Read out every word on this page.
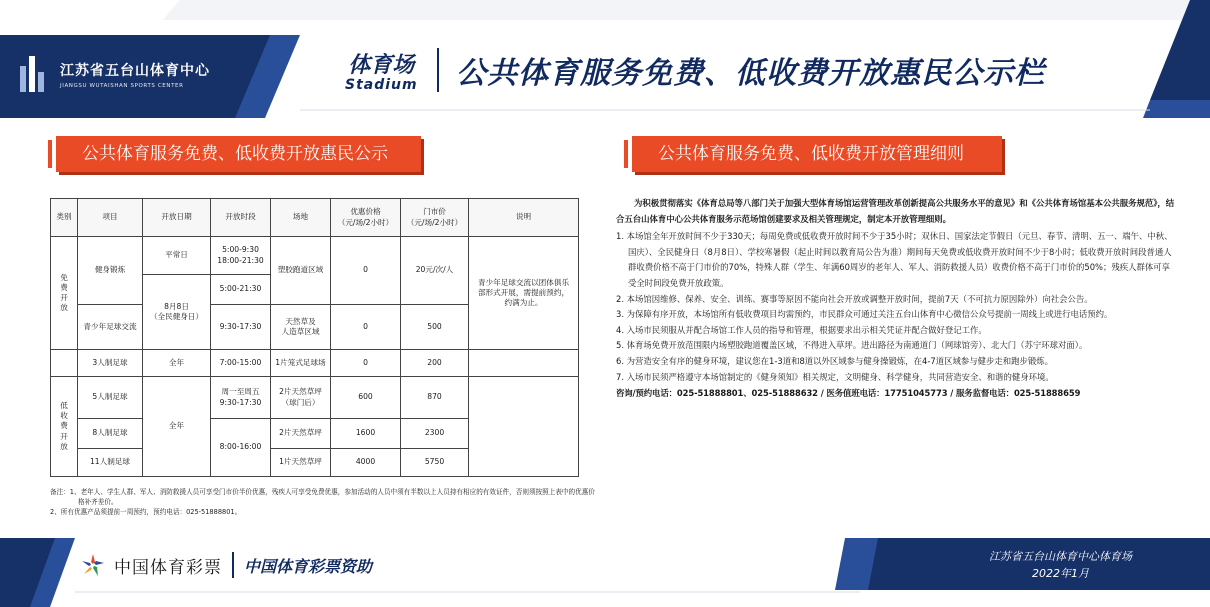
江苏省五台山体育中心
JIANGSU WUTAISHAN SPORTS CENTER
体育场
Stadium 公共体育服务免费、低收费开放惠民公示栏
公共体育服务免费、低收费开放惠民公示
类别	项目	开放日期	开放时段	场地	优惠价格
（元/场/2小时）	门市价
（元/场/2小时）	说明
免
费
开
放	健身锻炼	平常日	5:00-9:30
18:00-21:30	塑胶跑道区域	0	20元/次/人	青少年足球交流以团体俱乐
部形式开展，需提前预约，
约满为止。
		8月8日
（全民健身日）	5:00-21:30				
	青少年足球交流		9:30-17:30	天然草及
人造草区域	0	500	
	3人制足球	全年	7:00-15:00	1片笼式足球场	0	200	
低
收
费
开
放	5人制足球	全年	周一至周五
9:30-17:30	2片天然草坪
（球门后）	600	870	
	8人制足球		8:00-16:00	2片天然草坪	1600	2300	
	11人制足球			1片天然草坪	4000	5750	
备注：1、老年人、学生人群、军人、消防救援人员可享受门市价半价优惠，残疾人可享受免费优惠，参加活动的人员中须有半数以上人员持有相应的有效证件，否则须按照上表中的优惠价格补齐差价。
2、所有优惠产品须提前一周预约，预约电话：025-51888801。
公共体育服务免费、低收费开放管理细则
为积极贯彻落实《体育总局等八部门关于加强大型体育场馆运营管理改革创新提高公共服务水平的意见》和《公共体育场馆基本公共服务规范》，结合五台山体育中心公共体育服务示范场馆创建要求及相关管理规定，制定本开放管理细则。
1. 本场馆全年开放时间不少于330天；每周免费或低收费开放时间不少于35小时；双休日、国家法定节假日（元旦、春节、清明、五一、端午、中秋、国庆）、全民健身日（8月8日）、学校寒暑假（起止时间以教育局公告为准）期间每天免费或低收费开放时间不少于8小时；低收费开放时间段普通人群收费价格不高于门市价的70%，特殊人群（学生、年满60周岁的老年人、军人、消防救援人员）收费价格不高于门市价的50%；残疾人群体可享受全时间段免费开放政策。
2. 本场馆因维修、保养、安全、训练、赛事等原因不能向社会开放或调整开放时间，提前7天（不可抗力原因除外）向社会公告。
3. 为保障有序开放，本场馆所有低收费项目均需预约，市民群众可通过关注五台山体育中心微信公众号提前一周线上或进行电话预约。
4. 入场市民须服从并配合场馆工作人员的指导和管理，根据要求出示相关凭证并配合做好登记工作。
5. 体育场免费开放范围限内场塑胶跑道覆盖区域，不得进入草坪。进出路径为南通道门（网球馆旁）、北大门（苏宁环球对面）。
6. 为营造安全有序的健身环境，建议您在1-3道和8道以外区域参与健身操锻炼，在4-7道区域参与健步走和跑步锻炼。
7. 入场市民须严格遵守本场馆制定的《健身须知》相关规定，文明健身、科学健身，共同营造安全、和谐的健身环境。
咨询/预约电话：025-51888801、025-51888632 / 医务值班电话：17751045773 / 服务监督电话：025-51888659
中国体育彩票 中国体育彩票资助	江苏省五台山体育中心体育场
2022年1月
